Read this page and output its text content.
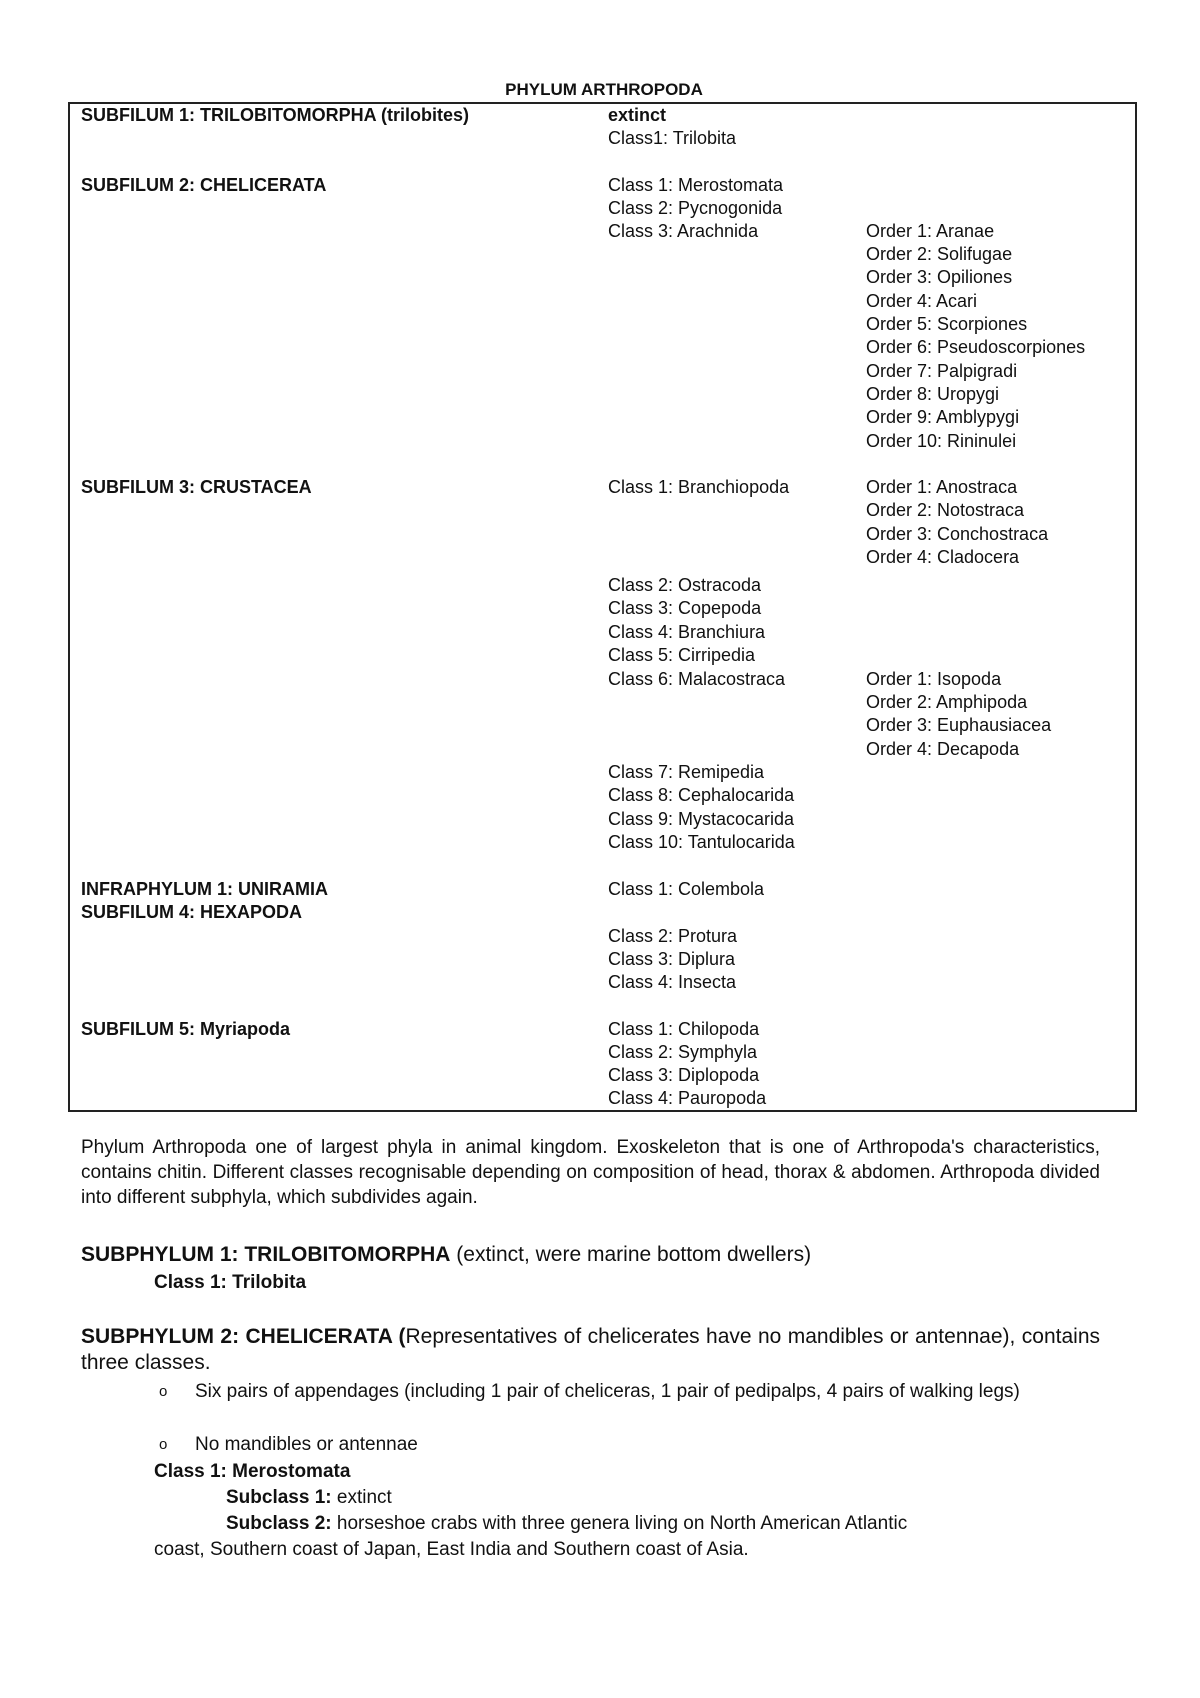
PHYLUM ARTHROPODA
SUBFILUM 1: TRILOBITOMORPHA (trilobites)	extinct
Class1: Trilobita
SUBFILUM 2: CHELICERATA	Class 1: Merostomata
Class 2: Pycnogonida
Class 3: Arachnida	Order 1: Aranae
Order 2: Solifugae
Order 3: Opiliones
Order 4: Acari
Order 5: Scorpiones
Order 6: Pseudoscorpiones
Order 7: Palpigradi
Order 8: Uropygi
Order 9: Amblypygi
Order 10: Rininulei
SUBFILUM 3: CRUSTACEA	Class 1: Branchiopoda	Order 1: Anostraca
Order 2: Notostraca
Order 3: Conchostraca
Order 4: Cladocera
Class 2: Ostracoda
Class 3: Copepoda
Class 4: Branchiura
Class 5: Cirripedia
Class 6: Malacostraca	Order 1: Isopoda
Order 2: Amphipoda
Order 3: Euphausiacea
Order 4: Decapoda
Class 7: Remipedia
Class 8: Cephalocarida
Class 9: Mystacocarida
Class 10: Tantulocarida
INFRAPHYLUM 1: UNIRAMIA	Class 1: Colembola
SUBFILUM 4: HEXAPODA
Class 2: Protura
Class 3: Diplura
Class 4: Insecta
SUBFILUM 5: Myriapoda	Class 1: Chilopoda
Class 2: Symphyla
Class 3: Diplopoda
Class 4: Pauropoda
Phylum Arthropoda one of largest phyla in animal kingdom. Exoskeleton that is one of Arthropoda's characteristics, contains chitin. Different classes recognisable depending on composition of head, thorax & abdomen. Arthropoda divided into different subphyla, which subdivides again.
SUBPHYLUM 1: TRILOBITOMORPHA (extinct, were marine bottom dwellers)
Class 1: Trilobita
SUBPHYLUM 2: CHELICERATA (Representatives of chelicerates have no mandibles or antennae), contains three classes.
o Six pairs of appendages (including 1 pair of cheliceras, 1 pair of pedipalps, 4 pairs of walking legs)
o No mandibles or antennae
Class 1: Merostomata
Subclass 1: extinct
Subclass 2: horseshoe crabs with three genera living on North American Atlantic
coast, Southern coast of Japan, East India and Southern coast of Asia.
